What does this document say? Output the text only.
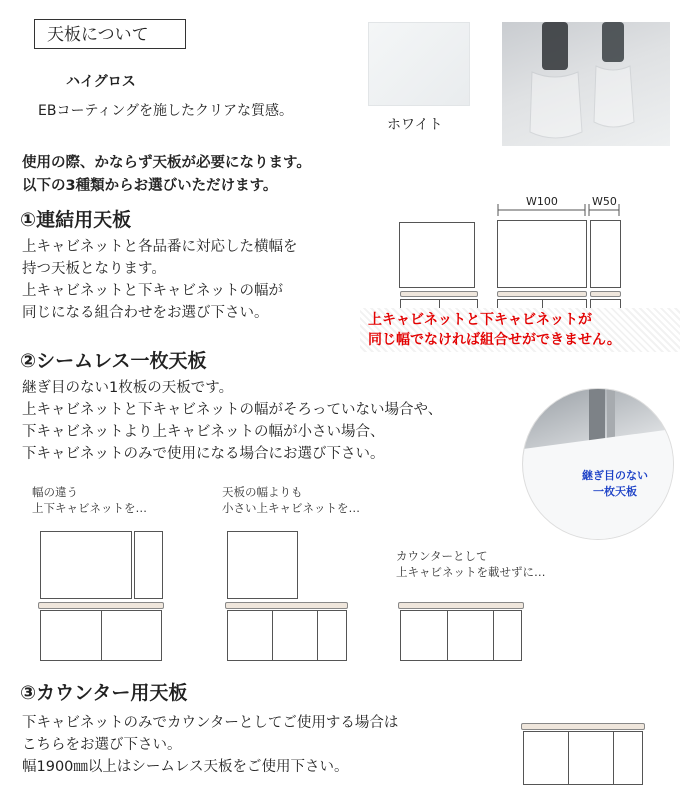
天板について
ハイグロス
EBコーティングを施したクリアな質感。
ホワイト
使用の際、かならず天板が必要になります。
以下の3種類からお選びいただけます。
①連結用天板
上キャビネットと各品番に対応した横幅を
持つ天板となります。
上キャビネットと下キャビネットの幅が
同じになる組合わせをお選び下さい。
W100	W50
上キャビネットと下キャビネットが
同じ幅でなければ組合せができません。
②シームレス一枚天板
継ぎ目のない1枚板の天板です。
上キャビネットと下キャビネットの幅がそろっていない場合や、
下キャビネットより上キャビネットの幅が小さい場合、
下キャビネットのみで使用になる場合にお選び下さい。
継ぎ目のない
一枚天板
幅の違う
上下キャビネットを…
天板の幅よりも
小さい上キャビネットを…
カウンターとして
上キャビネットを載せずに…
③カウンター用天板
下キャビネットのみでカウンターとしてご使用する場合は
こちらをお選び下さい。
幅1900㎜以上はシームレス天板をご使用下さい。
